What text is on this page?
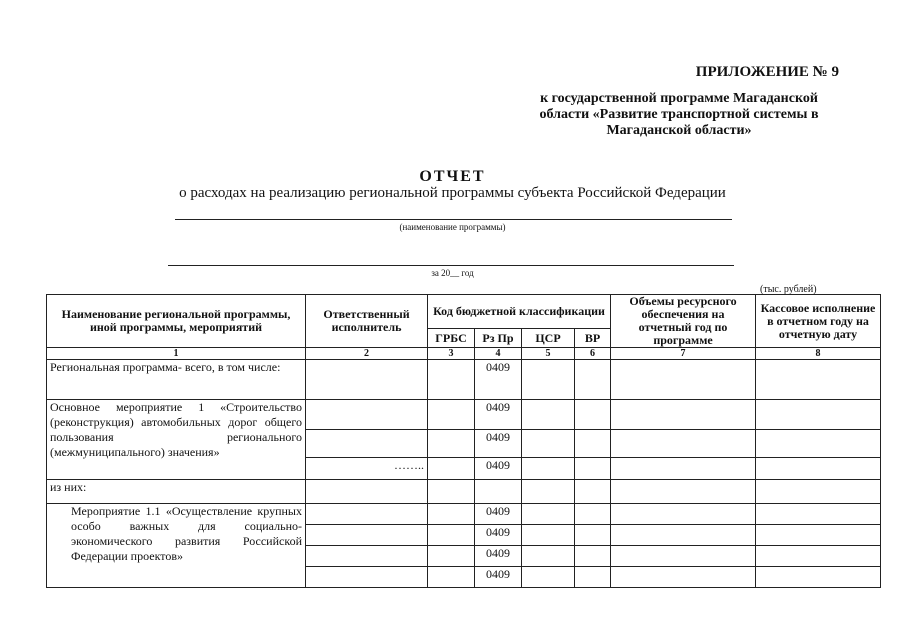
ПРИЛОЖЕНИЕ № 9
к государственной программе Магаданской области «Развитие транспортной системы в Магаданской области»
ОТЧЕТ
о расходах на реализацию региональной программы субъекта Российской Федерации
(наименование программы)
за 20__ год
(тыс. рублей)
Наименование региональной программы, иной программы, мероприятий	Ответственный исполнитель	Код бюджетной классификации				Объемы ресурсного обеспечения на отчетный год по программе	Кассовое исполнение в отчетном году на отчетную дату
		ГРБС	Рз Пр	ЦСР	ВР		
1	2	3	4	5	6	7	8
Региональная программа- всего, в том числе:			0409				
Основное мероприятие 1 «Строительство (реконструкция) автомобильных дорог общего пользования регионального (межмуниципального) значения»			0409				
			0409				
	……..		0409				
из них:							
Мероприятие 1.1 «Осуществление крупных особо важных для социально-экономического развития Российской Федерации проектов»			0409				
			0409				
			0409				
			0409				
